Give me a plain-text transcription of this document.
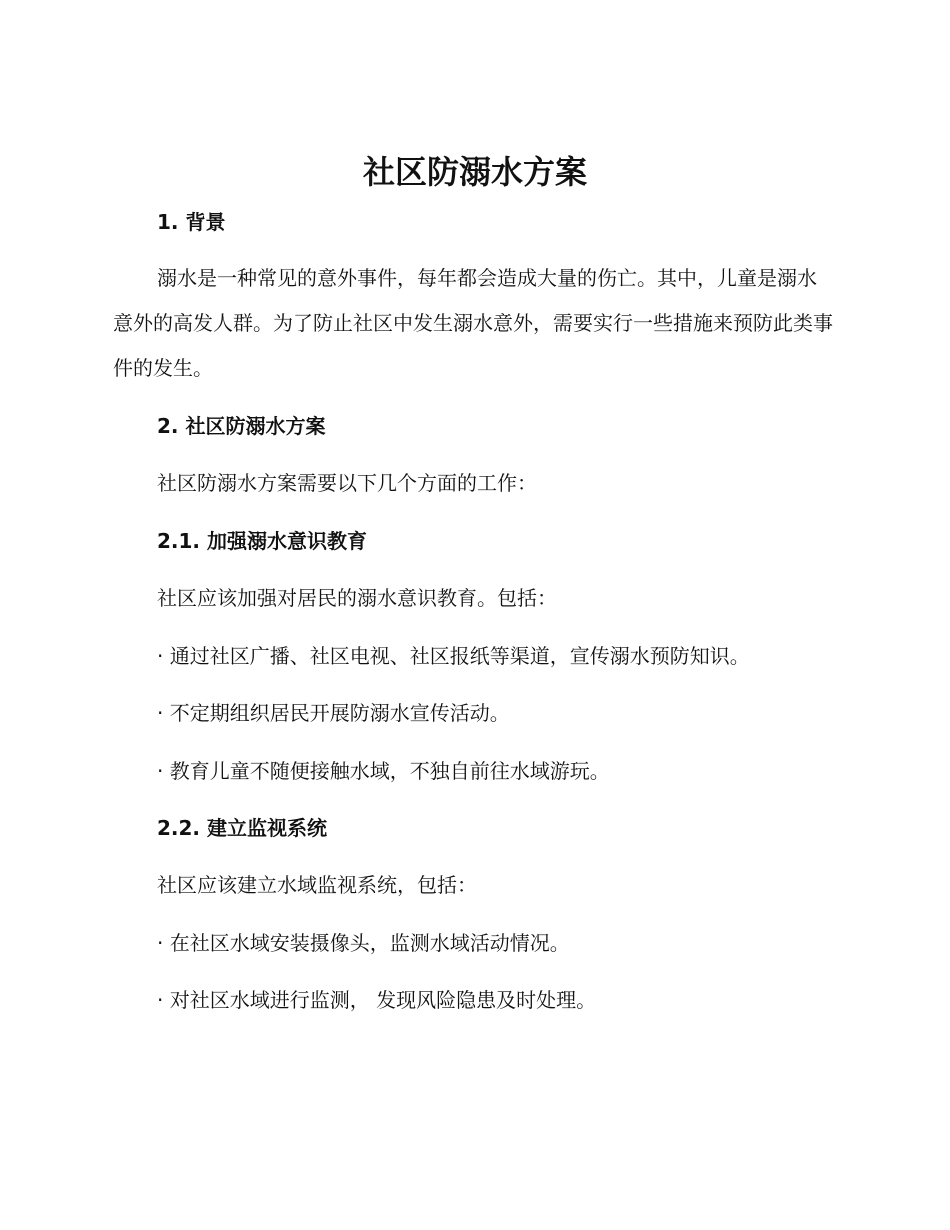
社区防溺水方案
1. 背景

溺水是一种常见的意外事件，每年都会造成大量的伤亡。其中，儿童是溺水意外的高发人群。为了防止社区中发生溺水意外，需要实行一些措施来预防此类事件的发生。

2. 社区防溺水方案

社区防溺水方案需要以下几个方面的工作：

2.1. 加强溺水意识教育

社区应该加强对居民的溺水意识教育。包括：

· 通过社区广播、社区电视、社区报纸等渠道，宣传溺水预防知识。

· 不定期组织居民开展防溺水宣传活动。

· 教育儿童不随便接触水域，不独自前往水域游玩。

2.2. 建立监视系统

社区应该建立水域监视系统，包括：

· 在社区水域安装摄像头，监测水域活动情况。

· 对社区水域进行监测， 发现风险隐患及时处理。
